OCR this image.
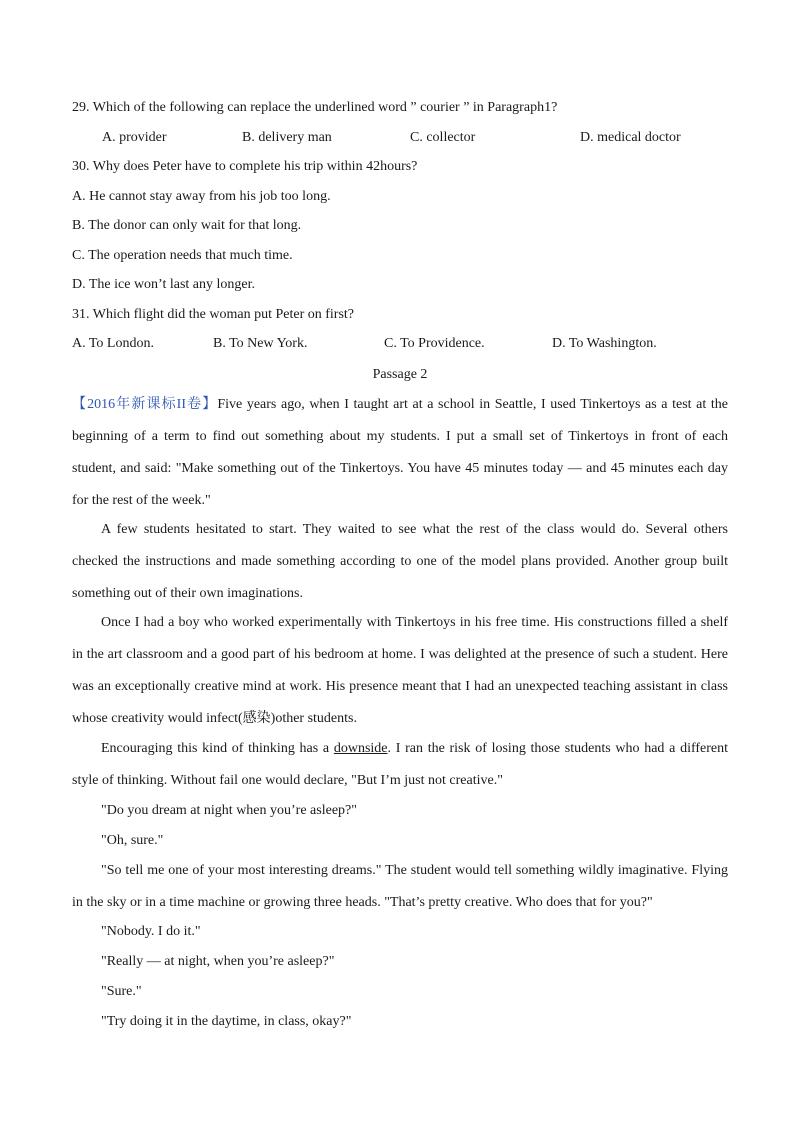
29. Which of the following can replace the underlined word ” courier ” in Paragraph1?
A. provider	B. delivery man	C. collector	D. medical doctor
30. Why does Peter have to complete his trip within 42hours?
A. He cannot stay away from his job too long.
B. The donor can only wait for that long.
C. The operation needs that much time.
D. The ice won’t last any longer.
31. Which flight did the woman put Peter on first?
A. To London.	B. To New York.	C. To Providence.	D. To Washington.
Passage 2
【2016年新课标II卷】Five years ago, when I taught art at a school in Seattle, I used Tinkertoys as a test at the
beginning of a term to find out something about my students. I put a small set of Tinkertoys in front of each
student, and said: "Make something out of the Tinkertoys. You have 45 minutes today — and 45 minutes each day
for the rest of the week."
A few students hesitated to start. They waited to see what the rest of the class would do. Several others
checked the instructions and made something according to one of the model plans provided. Another group built
something out of their own imaginations.
Once I had a boy who worked experimentally with Tinkertoys in his free time. His constructions filled a shelf
in the art classroom and a good part of his bedroom at home. I was delighted at the presence of such a student. Here
was an exceptionally creative mind at work. His presence meant that I had an unexpected teaching assistant in class
whose creativity would infect(感染)other students.
Encouraging this kind of thinking has a downside. I ran the risk of losing those students who had a different
style of thinking. Without fail one would declare, "But I’m just not creative."
"Do you dream at night when you’re asleep?"
"Oh, sure."
"So tell me one of your most interesting dreams." The student would tell something wildly imaginative. Flying
in the sky or in a time machine or growing three heads. "That’s pretty creative. Who does that for you?"
"Nobody. I do it."
"Really — at night, when you’re asleep?"
"Sure."
"Try doing it in the daytime, in class, okay?"
